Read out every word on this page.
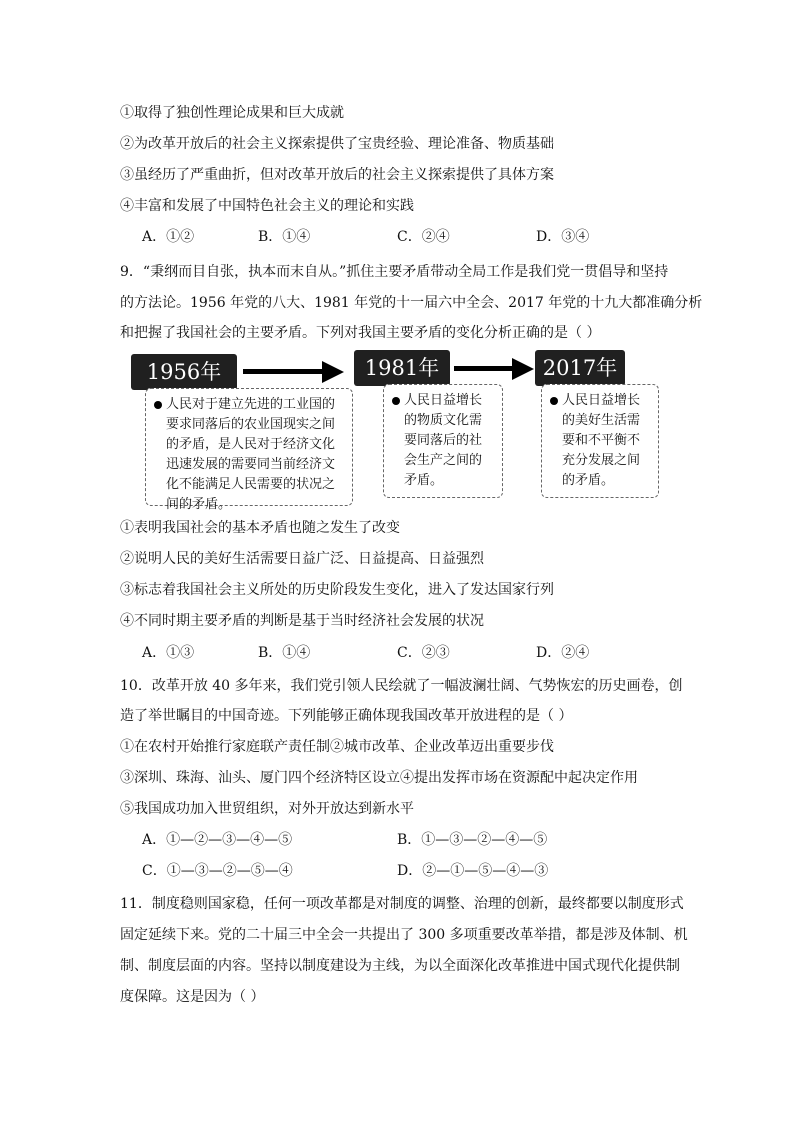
①取得了独创性理论成果和巨大成就
②为改革开放后的社会主义探索提供了宝贵经验、理论准备、物质基础
③虽经历了严重曲折，但对改革开放后的社会主义探索提供了具体方案
④丰富和发展了中国特色社会主义的理论和实践
A．①②	B．①④	C．②④	D．③④
9．“秉纲而目自张，执本而末自从。”抓住主要矛盾带动全局工作是我们党一贯倡导和坚持
的方法论。1956 年党的八大、1981 年党的十一届六中全会、2017 年党的十九大都准确分析
和把握了我国社会的主要矛盾。下列对我国主要矛盾的变化分析正确的是（ ）
1956年	1981年	2017年
人民对于建立先进的工业国的
要求同落后的农业国现实之间
的矛盾，是人民对于经济文化
迅速发展的需要同当前经济文
化不能满足人民需要的状况之
间的矛盾。
人民日益增长
的物质文化需
要同落后的社
会生产之间的
矛盾。
人民日益增长
的美好生活需
要和不平衡不
充分发展之间
的矛盾。
①表明我国社会的基本矛盾也随之发生了改变
②说明人民的美好生活需要日益广泛、日益提高、日益强烈
③标志着我国社会主义所处的历史阶段发生变化，进入了发达国家行列
④不同时期主要矛盾的判断是基于当时经济社会发展的状况
A．①③	B．①④	C．②③	D．②④
10．改革开放 40 多年来，我们党引领人民绘就了一幅波澜壮阔、气势恢宏的历史画卷，创
造了举世瞩目的中国奇迹。下列能够正确体现我国改革开放进程的是（ ）
①在农村开始推行家庭联产责任制②城市改革、企业改革迈出重要步伐
③深圳、珠海、汕头、厦门四个经济特区设立④提出发挥市场在资源配中起决定作用
⑤我国成功加入世贸组织，对外开放达到新水平
A．①—②—③—④—⑤	B．①—③—②—④—⑤
C．①—③—②—⑤—④	D．②—①—⑤—④—③
11．制度稳则国家稳，任何一项改革都是对制度的调整、治理的创新，最终都要以制度形式
固定延续下来。党的二十届三中全会一共提出了 300 多项重要改革举措，都是涉及体制、机
制、制度层面的内容。坚持以制度建设为主线，为以全面深化改革推进中国式现代化提供制
度保障。这是因为（ ）
